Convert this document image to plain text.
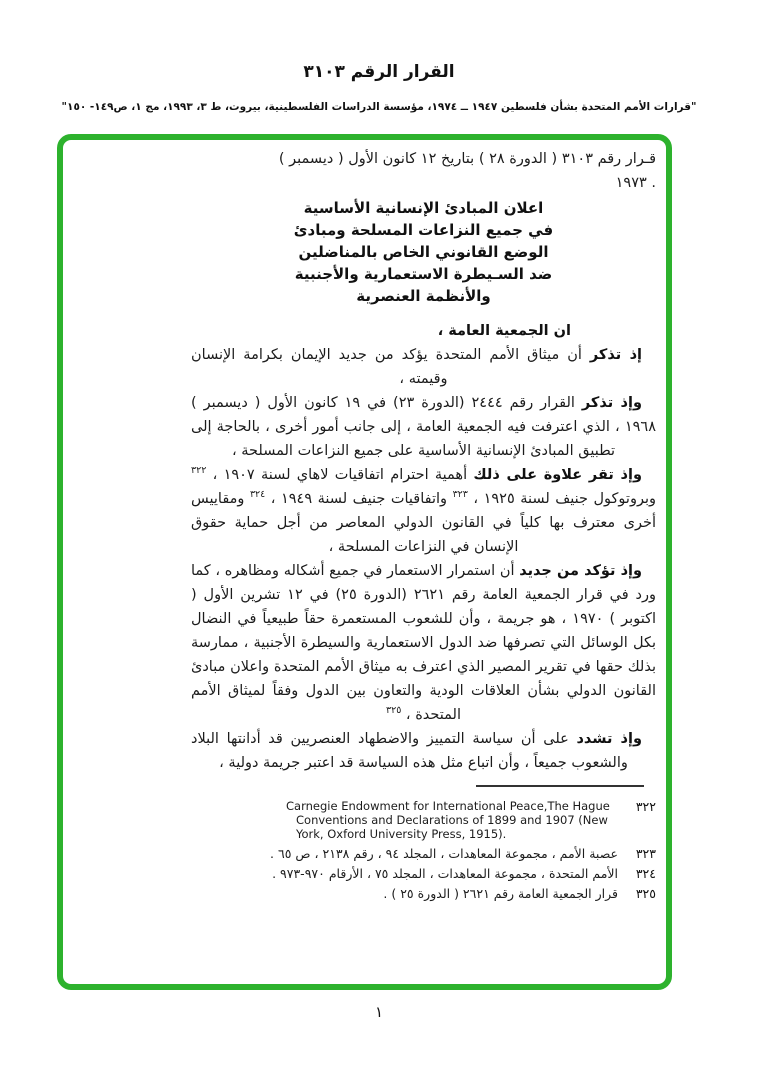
القرار الرقم ٣١٠٣
"قرارات الأمم المتحدة بشأن فلسطين ١٩٤٧ ــ ١٩٧٤، مؤسسة الدراسات الفلسطينية، بيروت، ط ٣، ١٩٩٣، مج ١، ص١٤٩- ١٥٠"
قـرار رقم ٣١٠٣ ( الدورة ٢٨ ) بتاريخ ١٢ كانون الأول ( ديسمبر )
١٩٧٣ .
اعلان المبادئ الإنسانية الأساسية
في جميع النزاعات المسلحة ومبادئ
الوضع القانوني الخاص بالمناضلين
ضد السـيطرة الاستعمارية والأجنبية
والأنظمة العنصرية
ان الجمعية العامة ،

إذ تذكر أن ميثاق الأمم المتحدة يؤكد من جديد الإيمان بكرامة الإنسان وقيمته ،

وإذ تذكر القرار رقم ٢٤٤٤ (الدورة ٢٣) في ١٩ كانون الأول ( ديسمبر ) ١٩٦٨ ، الذي اعترفت فيه الجمعية العامة ، إلى جانب أمور أخرى ، بالحاجة إلى تطبيق المبادئ الإنسانية الأساسية على جميع النزاعات المسلحة ،

وإذ تقر علاوة على ذلك أهمية احترام اتفاقيات لاهاي لسنة ١٩٠٧ ، $^{٣٢٢}$ وبروتوكول جنيف لسنة ١٩٢٥ ، $^{٣٢٣}$ واتفاقيات جنيف لسنة ١٩٤٩ ، $^{٣٢٤}$ ومقاييس أخرى معترف بها كلياً في القانون الدولي المعاصر من أجل حماية حقوق الإنسان في النزاعات المسلحة ،

وإذ تؤكد من جديد أن استمرار الاستعمار في جميع أشكاله ومظاهره ، كما ورد في قرار الجمعية العامة رقم ٢٦٢١ (الدورة ٢٥) في ١٢ تشرين الأول ( اكتوبر ) ١٩٧٠ ، هو جريمة ، وأن للشعوب المستعمرة حقاً طبيعياً في النضال بكل الوسائل التي تصرفها ضد الدول الاستعمارية والسيطرة الأجنبية ، ممارسة بذلك حقها في تقرير المصير الذي اعترف به ميثاق الأمم المتحدة واعلان مبادئ القانون الدولي بشأن العلاقات الودية والتعاون بين الدول وفقاً لميثاق الأمم المتحدة ، $^{٣٢٥}$

وإذ تشدد على أن سياسة التمييز والاضطهاد العنصريين قد أدانتها البلاد والشعوب جميعاً ، وأن اتباع مثل هذه السياسة قد اعتبر جريمة دولية ،

٣٢٢
Carnegie Endowment for International Peace,The Hague Conventions and Declarations of 1899 and 1907 (New York, Oxford University Press, 1915).
٣٢٣
عصبة الأمم ، مجموعة المعاهدات ، المجلد ٩٤ ، رقم ٢١٣٨ ، ص ٦٥ .
٣٢٤
الأمم المتحدة ، مجموعة المعاهدات ، المجلد ٧٥ ، الأرقام ٩٧٠-٩٧٣ .
٣٢٥
قرار الجمعية العامة رقم ٢٦٢١ ( الدورة ٢٥ ) .
١
